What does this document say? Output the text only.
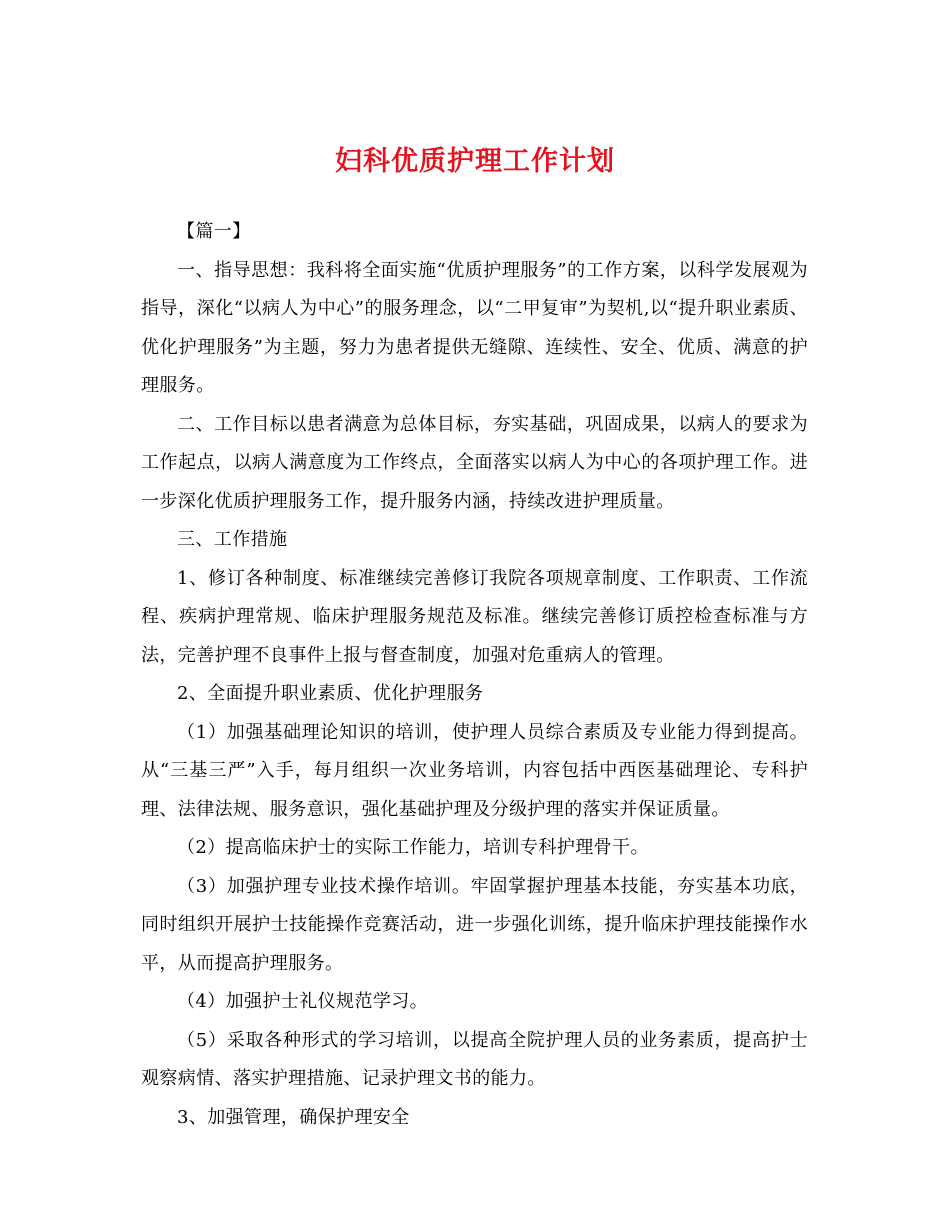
妇科优质护理工作计划

【篇一】

一、指导思想：我科将全面实施“优质护理服务”的工作方案，以科学发展观为指导，深化“以病人为中心”的服务理念，以“二甲复审”为契机,以“提升职业素质、优化护理服务”为主题，努力为患者提供无缝隙、连续性、安全、优质、满意的护理服务。

二、工作目标以患者满意为总体目标，夯实基础，巩固成果，以病人的要求为工作起点，以病人满意度为工作终点，全面落实以病人为中心的各项护理工作。进一步深化优质护理服务工作，提升服务内涵，持续改进护理质量。

三、工作措施

1、修订各种制度、标准继续完善修订我院各项规章制度、工作职责、工作流程、疾病护理常规、临床护理服务规范及标准。继续完善修订质控检查标准与方法，完善护理不良事件上报与督查制度，加强对危重病人的管理。

2、全面提升职业素质、优化护理服务

（1）加强基础理论知识的培训，使护理人员综合素质及专业能力得到提高。从“三基三严”入手，每月组织一次业务培训，内容包括中西医基础理论、专科护理、法律法规、服务意识，强化基础护理及分级护理的落实并保证质量。

（2）提高临床护士的实际工作能力，培训专科护理骨干。

（3）加强护理专业技术操作培训。牢固掌握护理基本技能，夯实基本功底，同时组织开展护士技能操作竞赛活动，进一步强化训练，提升临床护理技能操作水平，从而提高护理服务。

（4）加强护士礼仪规范学习。

（5）采取各种形式的学习培训，以提高全院护理人员的业务素质，提高护士观察病情、落实护理措施、记录护理文书的能力。

3、加强管理，确保护理安全
